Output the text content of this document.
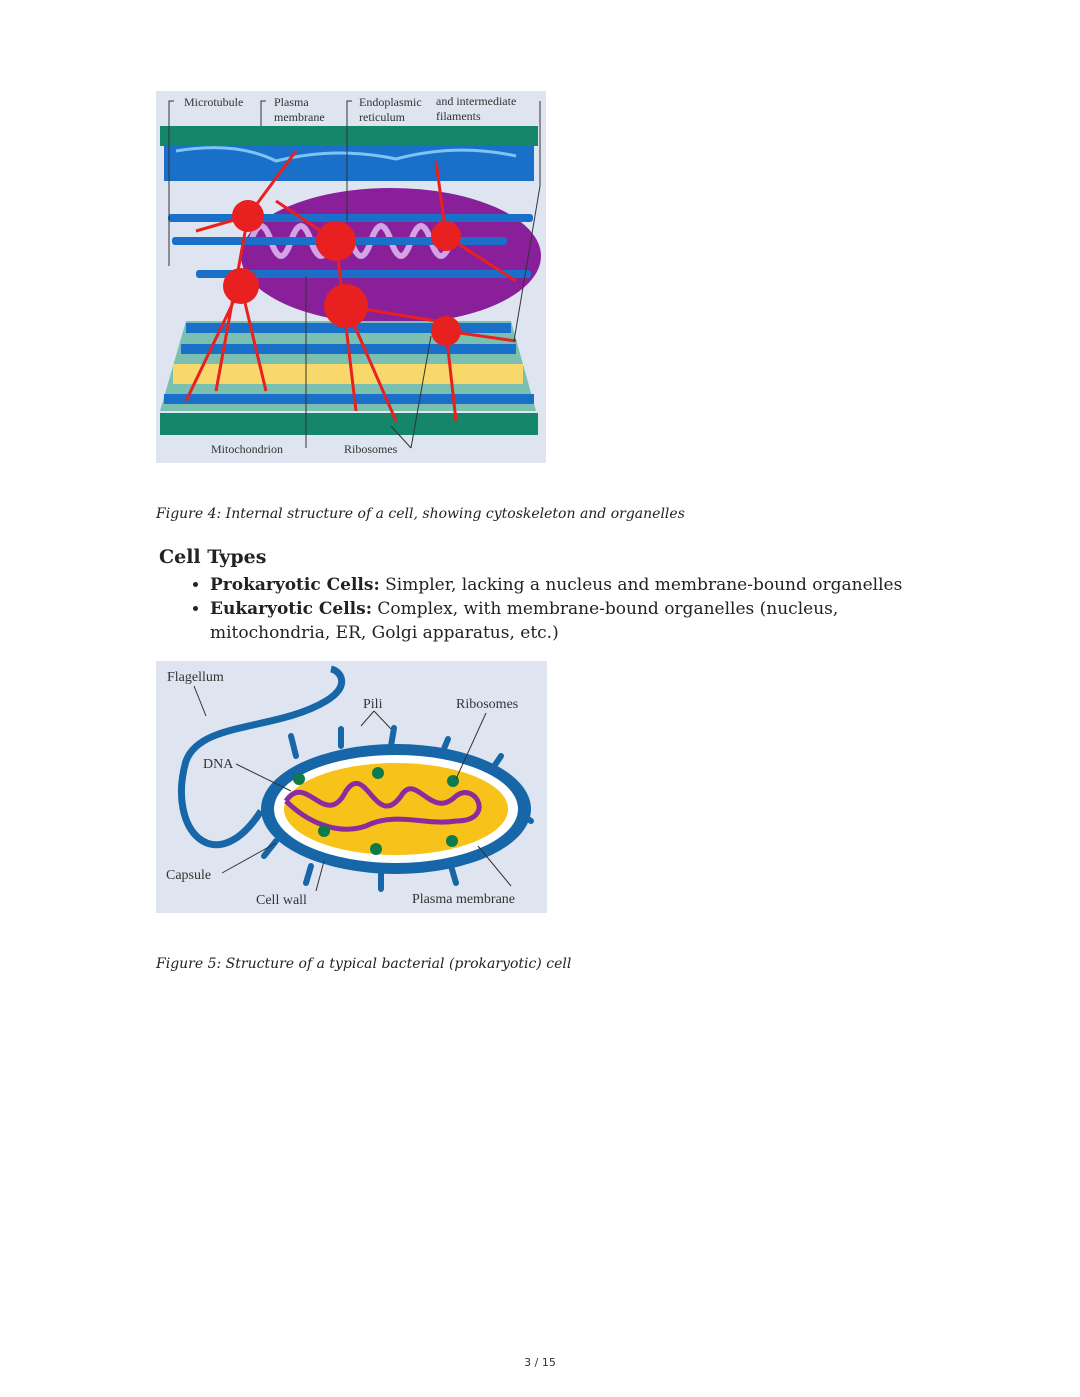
Microtubule	Plasma
membrane
Endoplasmic
reticulum
and intermediate
filaments
Mitochondrion	Ribosomes
Figure 4: Internal structure of a cell, showing cytoskeleton and organelles
Cell Types
• Prokaryotic Cells: Simpler, lacking a nucleus and membrane-bound organelles
• Eukaryotic Cells: Complex, with membrane-bound organelles (nucleus, mitochondria, ER, Golgi apparatus, etc.)
Flagellum
Pili	Ribosomes
DNA
Capsule
Cell wall	Plasma membrane
Figure 5: Structure of a typical bacterial (prokaryotic) cell
3 / 15
